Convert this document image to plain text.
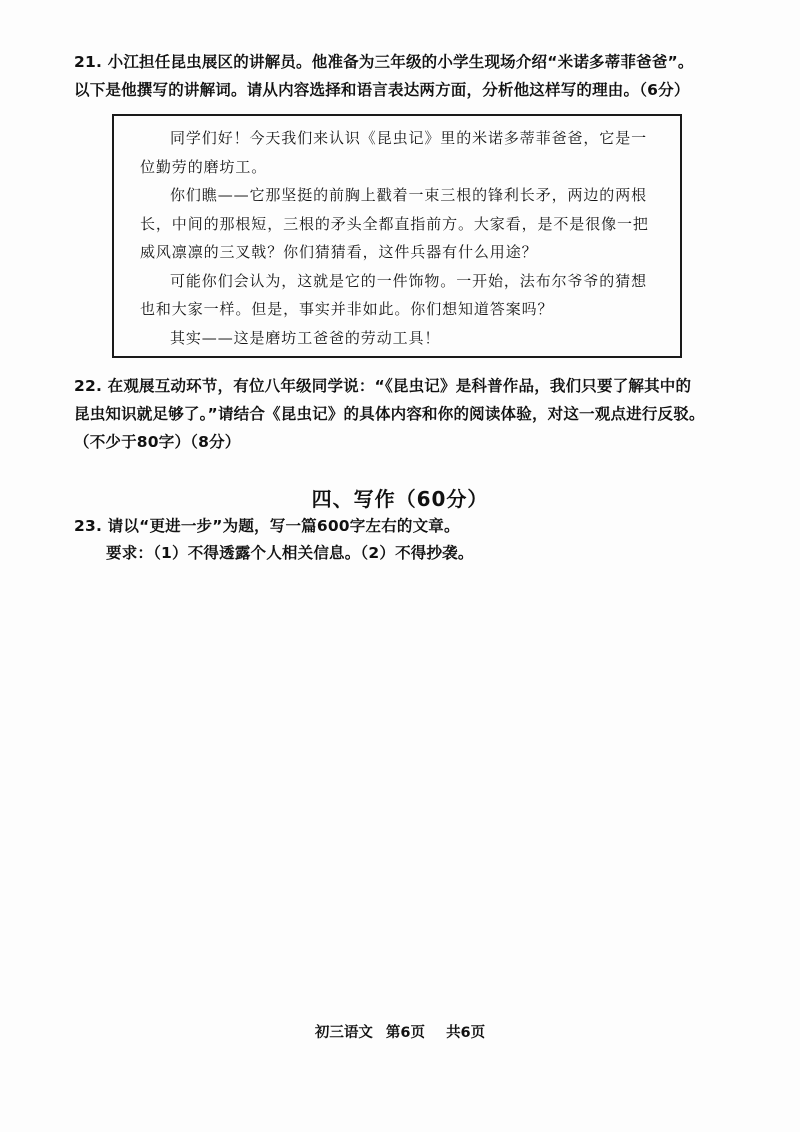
21. 小江担任昆虫展区的讲解员。他准备为三年级的小学生现场介绍“米诺多蒂菲爸爸”。
以下是他撰写的讲解词。请从内容选择和语言表达两方面，分析他这样写的理由。（6分）
同学们好！今天我们来认识《昆虫记》里的米诺多蒂菲爸爸，它是一
位勤劳的磨坊工。
你们瞧——它那坚挺的前胸上戳着一束三根的锋利长矛，两边的两根
长，中间的那根短，三根的矛头全都直指前方。大家看，是不是很像一把
威风凛凛的三叉戟？你们猜猜看，这件兵器有什么用途？
可能你们会认为，这就是它的一件饰物。一开始，法布尔爷爷的猜想
也和大家一样。但是，事实并非如此。你们想知道答案吗？
其实——这是磨坊工爸爸的劳动工具！
22. 在观展互动环节，有位八年级同学说：“《昆虫记》是科普作品，我们只要了解其中的
昆虫知识就足够了。”请结合《昆虫记》的具体内容和你的阅读体验，对这一观点进行反驳。
（不少于80字）（8分）
四、写作（60分）
23. 请以“更进一步”为题，写一篇600字左右的文章。
要求：（1）不得透露个人相关信息。（2）不得抄袭。
初三语文 第6页 共6页
